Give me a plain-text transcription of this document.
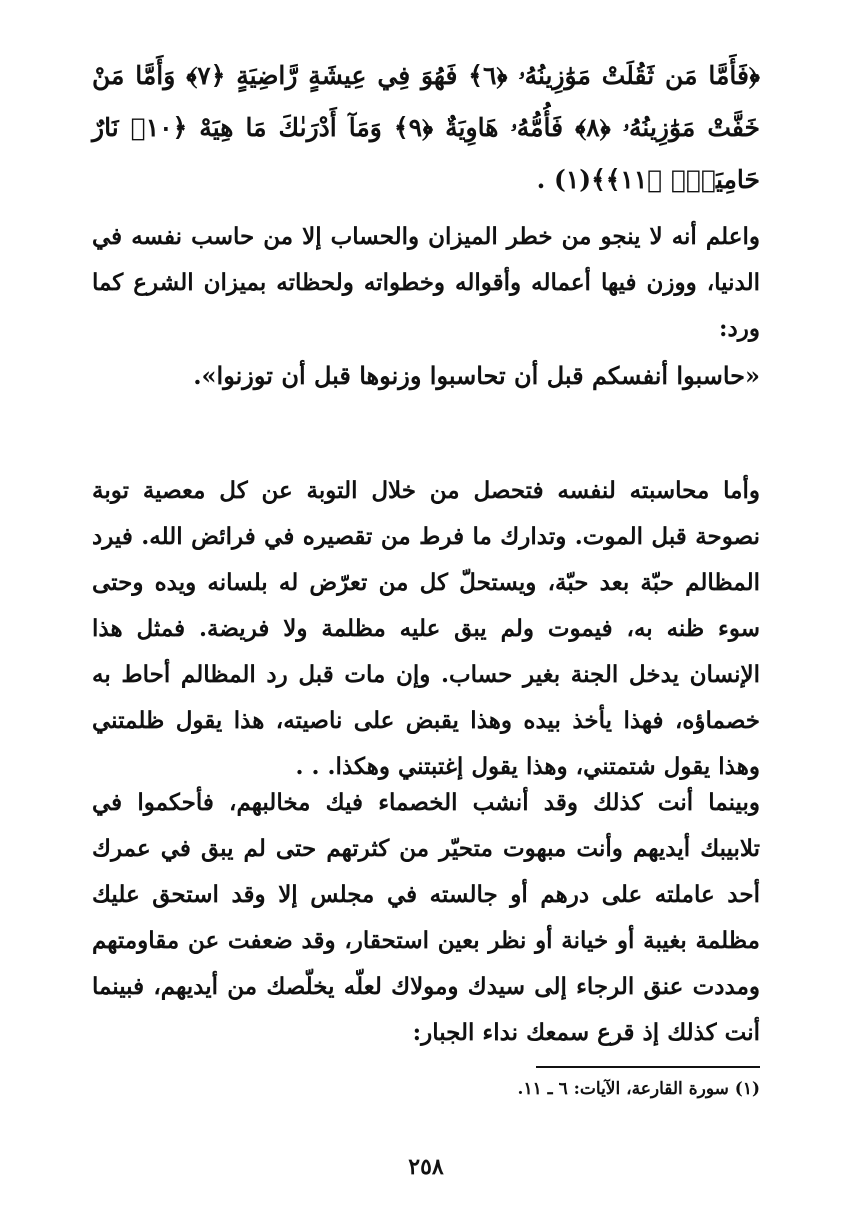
﴿فَأَمَّا مَن ثَقُلَتْ مَوَٰزِينُهُۥ ﴿٦﴾ فَهُوَ فِي عِيشَةٍ رَّاضِيَةٍ ﴿٧﴾ وَأَمَّا مَنْ خَفَّتْ مَوَٰزِينُهُۥ ﴿٨﴾ فَأُمُّهُۥ هَاوِيَةٌ ﴿٩﴾ وَمَآ أَدْرَىٰكَ مَا هِيَهْ ﴿١٠﴾ نَارٌ حَامِيَةٌۢ ﴿١١﴾﴾(١) .
واعلم أنه لا ينجو من خطر الميزان والحساب إلا من حاسب نفسه في الدنيا، ووزن فيها أعماله وأقواله وخطواته ولحظاته بميزان الشرع كما ورد:
«حاسبوا أنفسكم قبل أن تحاسبوا وزنوها قبل أن توزنوا».
وأما محاسبته لنفسه فتحصل من خلال التوبة عن كل معصية توبة نصوحة قبل الموت. وتدارك ما فرط من تقصيره في فرائض الله. فيرد المظالم حبّة بعد حبّة، ويستحلّ كل من تعرّض له بلسانه ويده وحتى سوء ظنه به، فيموت ولم يبق عليه مظلمة ولا فريضة. فمثل هذا الإنسان يدخل الجنة بغير حساب. وإن مات قبل رد المظالم أحاط به خصماؤه، فهذا يأخذ بيده وهذا يقبض على ناصيته، هذا يقول ظلمتني وهذا يقول شتمتني، وهذا يقول إغتبتني وهكذا. . .
وبينما أنت كذلك وقد أنشب الخصماء فيك مخالبهم، فأحكموا في تلابيبك أيديهم وأنت مبهوت متحيّر من كثرتهم حتى لم يبق في عمرك أحد عاملته على درهم أو جالسته في مجلس إلا وقد استحق عليك مظلمة بغيبة أو خيانة أو نظر بعين استحقار، وقد ضعفت عن مقاومتهم ومددت عنق الرجاء إلى سيدك ومولاك لعلّه يخلّصك من أيديهم، فبينما أنت كذلك إذ قرع سمعك نداء الجبار:
(١) سورة القارعة، الآيات: ٦ ـ ١١.
٢٥٨
